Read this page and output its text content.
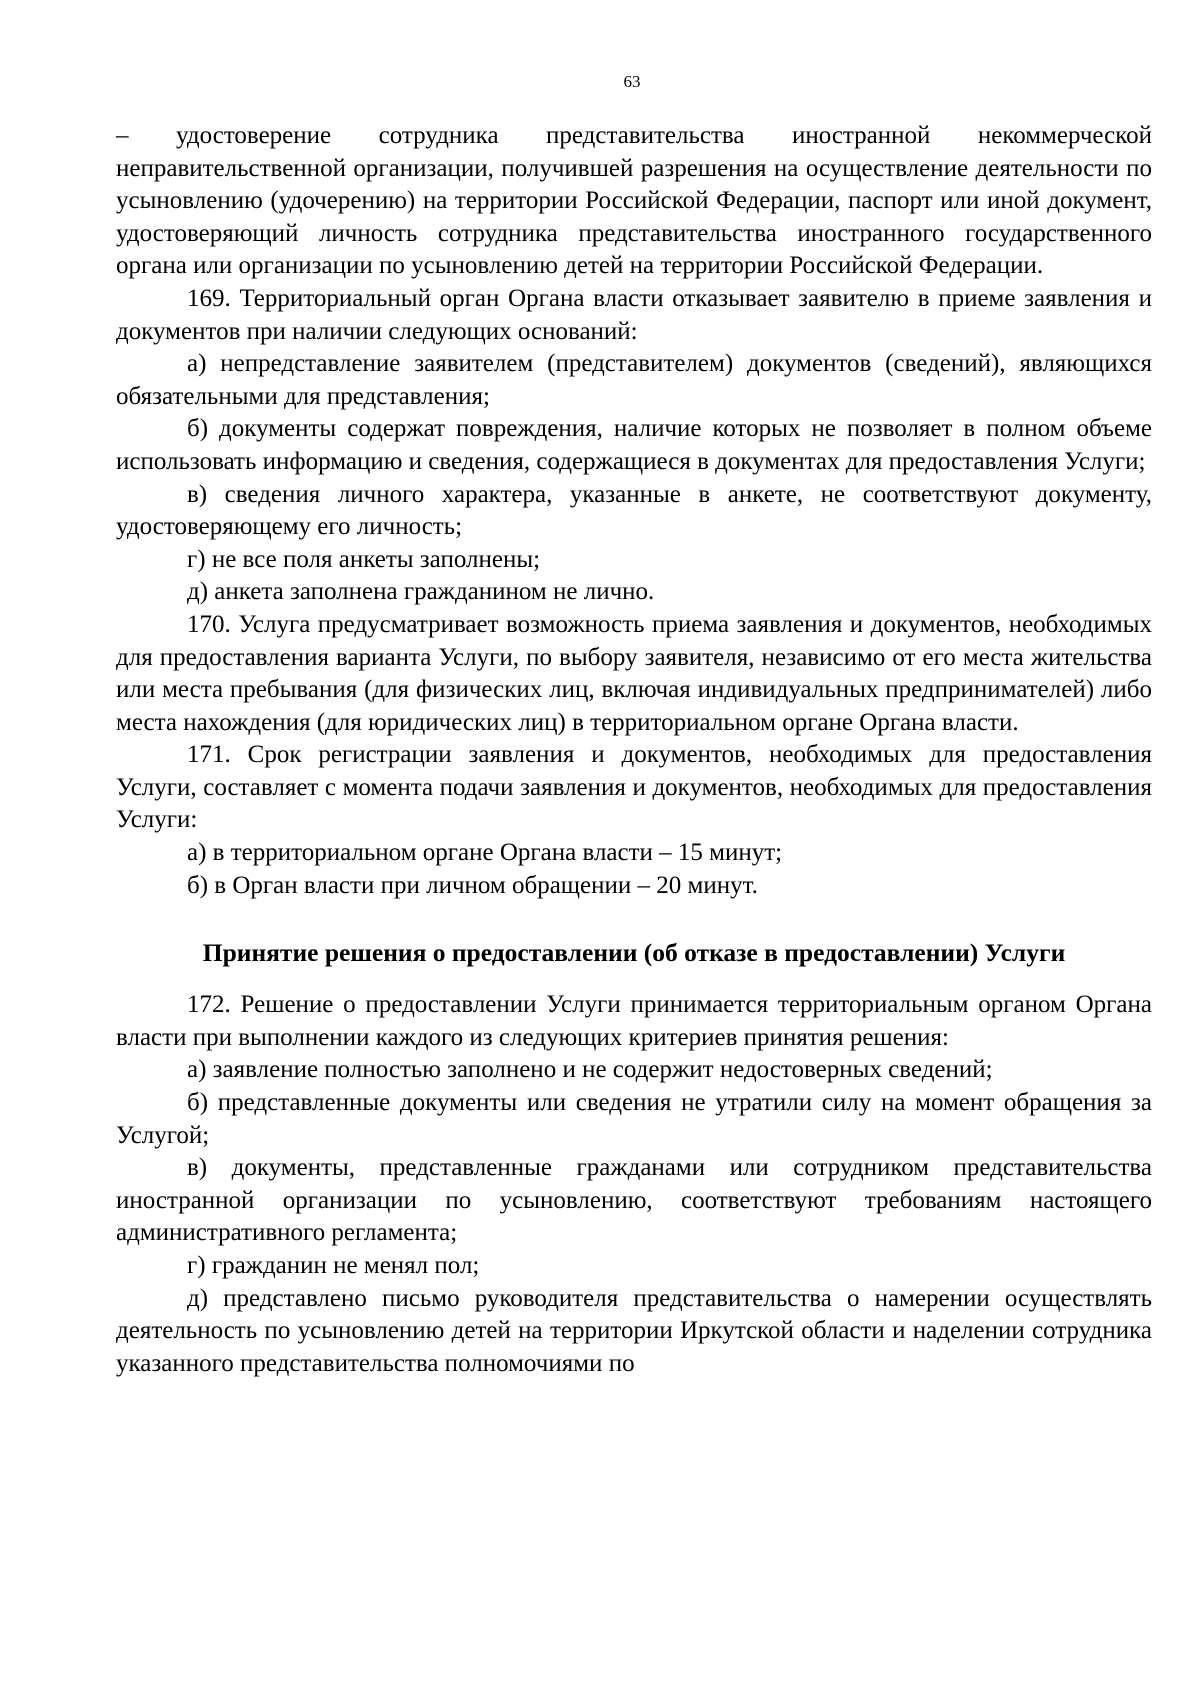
63

– удостоверение сотрудника представительства иностранной некоммерческой неправительственной организации, получившей разрешения на осуществление деятельности по усыновлению (удочерению) на территории Российской Федерации, паспорт или иной документ, удостоверяющий личность сотрудника представительства иностранного государственного органа или организации по усыновлению детей на территории Российской Федерации.

169. Территориальный орган Органа власти отказывает заявителю в приеме заявления и документов при наличии следующих оснований:

а) непредставление заявителем (представителем) документов (сведений), являющихся обязательными для представления;

б) документы содержат повреждения, наличие которых не позволяет в полном объеме использовать информацию и сведения, содержащиеся в документах для предоставления Услуги;

в) сведения личного характера, указанные в анкете, не соответствуют документу, удостоверяющему его личность;

г) не все поля анкеты заполнены;

д) анкета заполнена гражданином не лично.

170. Услуга предусматривает возможность приема заявления и документов, необходимых для предоставления варианта Услуги, по выбору заявителя, независимо от его места жительства или места пребывания (для физических лиц, включая индивидуальных предпринимателей) либо места нахождения (для юридических лиц) в территориальном органе Органа власти.

171. Срок регистрации заявления и документов, необходимых для предоставления Услуги, составляет с момента подачи заявления и документов, необходимых для предоставления Услуги:

а) в территориальном органе Органа власти – 15 минут;

б) в Орган власти при личном обращении – 20 минут.

Принятие решения о предоставлении (об отказе в предоставлении) Услуги

172. Решение о предоставлении Услуги принимается территориальным органом Органа власти при выполнении каждого из следующих критериев принятия решения:

а) заявление полностью заполнено и не содержит недостоверных сведений;

б) представленные документы или сведения не утратили силу на момент обращения за Услугой;

в) документы, представленные гражданами или сотрудником представительства иностранной организации по усыновлению, соответствуют требованиям настоящего административного регламента;

г) гражданин не менял пол;

д) представлено письмо руководителя представительства о намерении осуществлять деятельность по усыновлению детей на территории Иркутской области и наделении сотрудника указанного представительства полномочиями по
